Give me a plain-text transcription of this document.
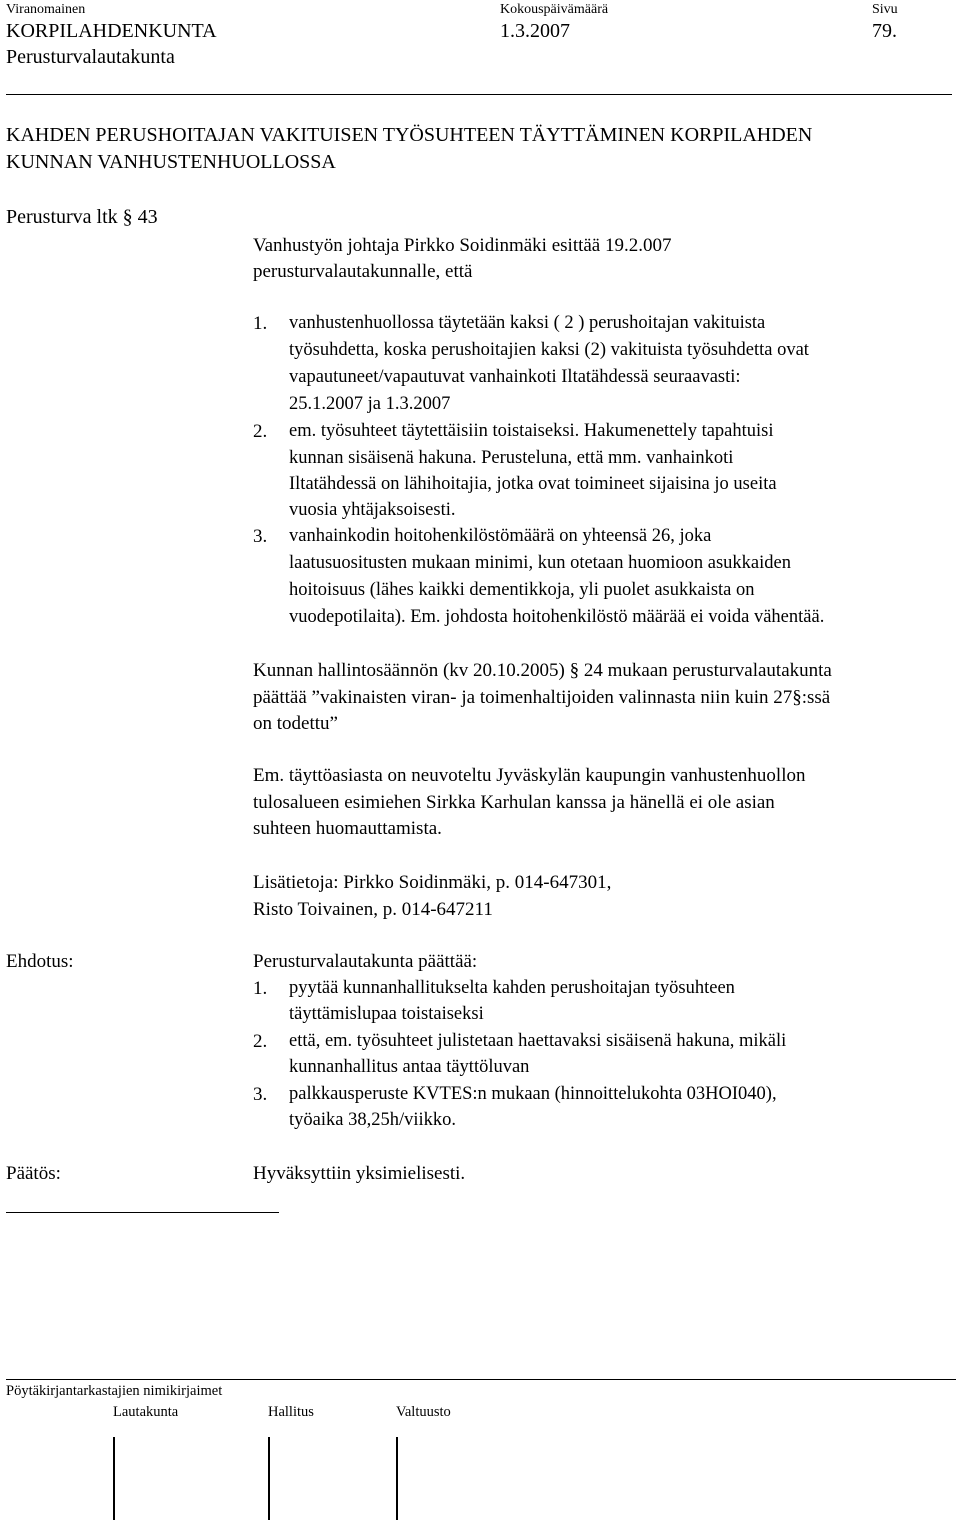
Viranomainen	Kokouspäivämäärä	Sivu
KORPILAHDENKUNTA	1.3.2007	79.
Perusturvalautakunta
KAHDEN PERUSHOITAJAN VAKITUISEN TYÖSUHTEEN TÄYTTÄMINEN KORPILAHDEN
KUNNAN VANHUSTENHUOLLOSSA
Perusturva ltk § 43
Vanhustyön johtaja Pirkko Soidinmäki esittää 19.2.007
perusturvalautakunnalle, että
1. vanhustenhuollossa täytetään kaksi ( 2 ) perushoitajan vakituista
työsuhdetta, koska perushoitajien kaksi (2) vakituista työsuhdetta ovat
vapautuneet/vapautuvat vanhainkoti Iltatähdessä seuraavasti:
25.1.2007 ja 1.3.2007
2. em. työsuhteet täytettäisiin toistaiseksi. Hakumenettely tapahtuisi
kunnan sisäisenä hakuna. Perusteluna, että mm. vanhainkoti
Iltatähdessä on lähihoitajia, jotka ovat toimineet sijaisina jo useita
vuosia yhtäjaksoisesti.
3. vanhainkodin hoitohenkilöstömäärä on yhteensä 26, joka
laatusuositusten mukaan minimi, kun otetaan huomioon asukkaiden
hoitoisuus (lähes kaikki dementikkoja, yli puolet asukkaista on
vuodepotilaita). Em. johdosta hoitohenkilöstö määrää ei voida vähentää.
Kunnan hallintosäännön (kv 20.10.2005) § 24 mukaan perusturvalautakunta
päättää ”vakinaisten viran- ja toimenhaltijoiden valinnasta niin kuin 27§:ssä
on todettu”
Em. täyttöasiasta on neuvoteltu Jyväskylän kaupungin vanhustenhuollon
tulosalueen esimiehen Sirkka Karhulan kanssa ja hänellä ei ole asian
suhteen huomauttamista.
Lisätietoja: Pirkko Soidinmäki, p. 014-647301,
Risto Toivainen, p. 014-647211
Ehdotus:	Perusturvalautakunta päättää:
1. pyytää kunnanhallitukselta kahden perushoitajan työsuhteen
täyttämislupaa toistaiseksi
2. että, em. työsuhteet julistetaan haettavaksi sisäisenä hakuna, mikäli
kunnanhallitus antaa täyttöluvan
3. palkkausperuste KVTES:n mukaan (hinnoittelukohta 03HOI040),
työaika 38,25h/viikko.
Päätös:	Hyväksyttiin yksimielisesti.
Pöytäkirjantarkastajien nimikirjaimet
Lautakunta	Hallitus	Valtuusto
